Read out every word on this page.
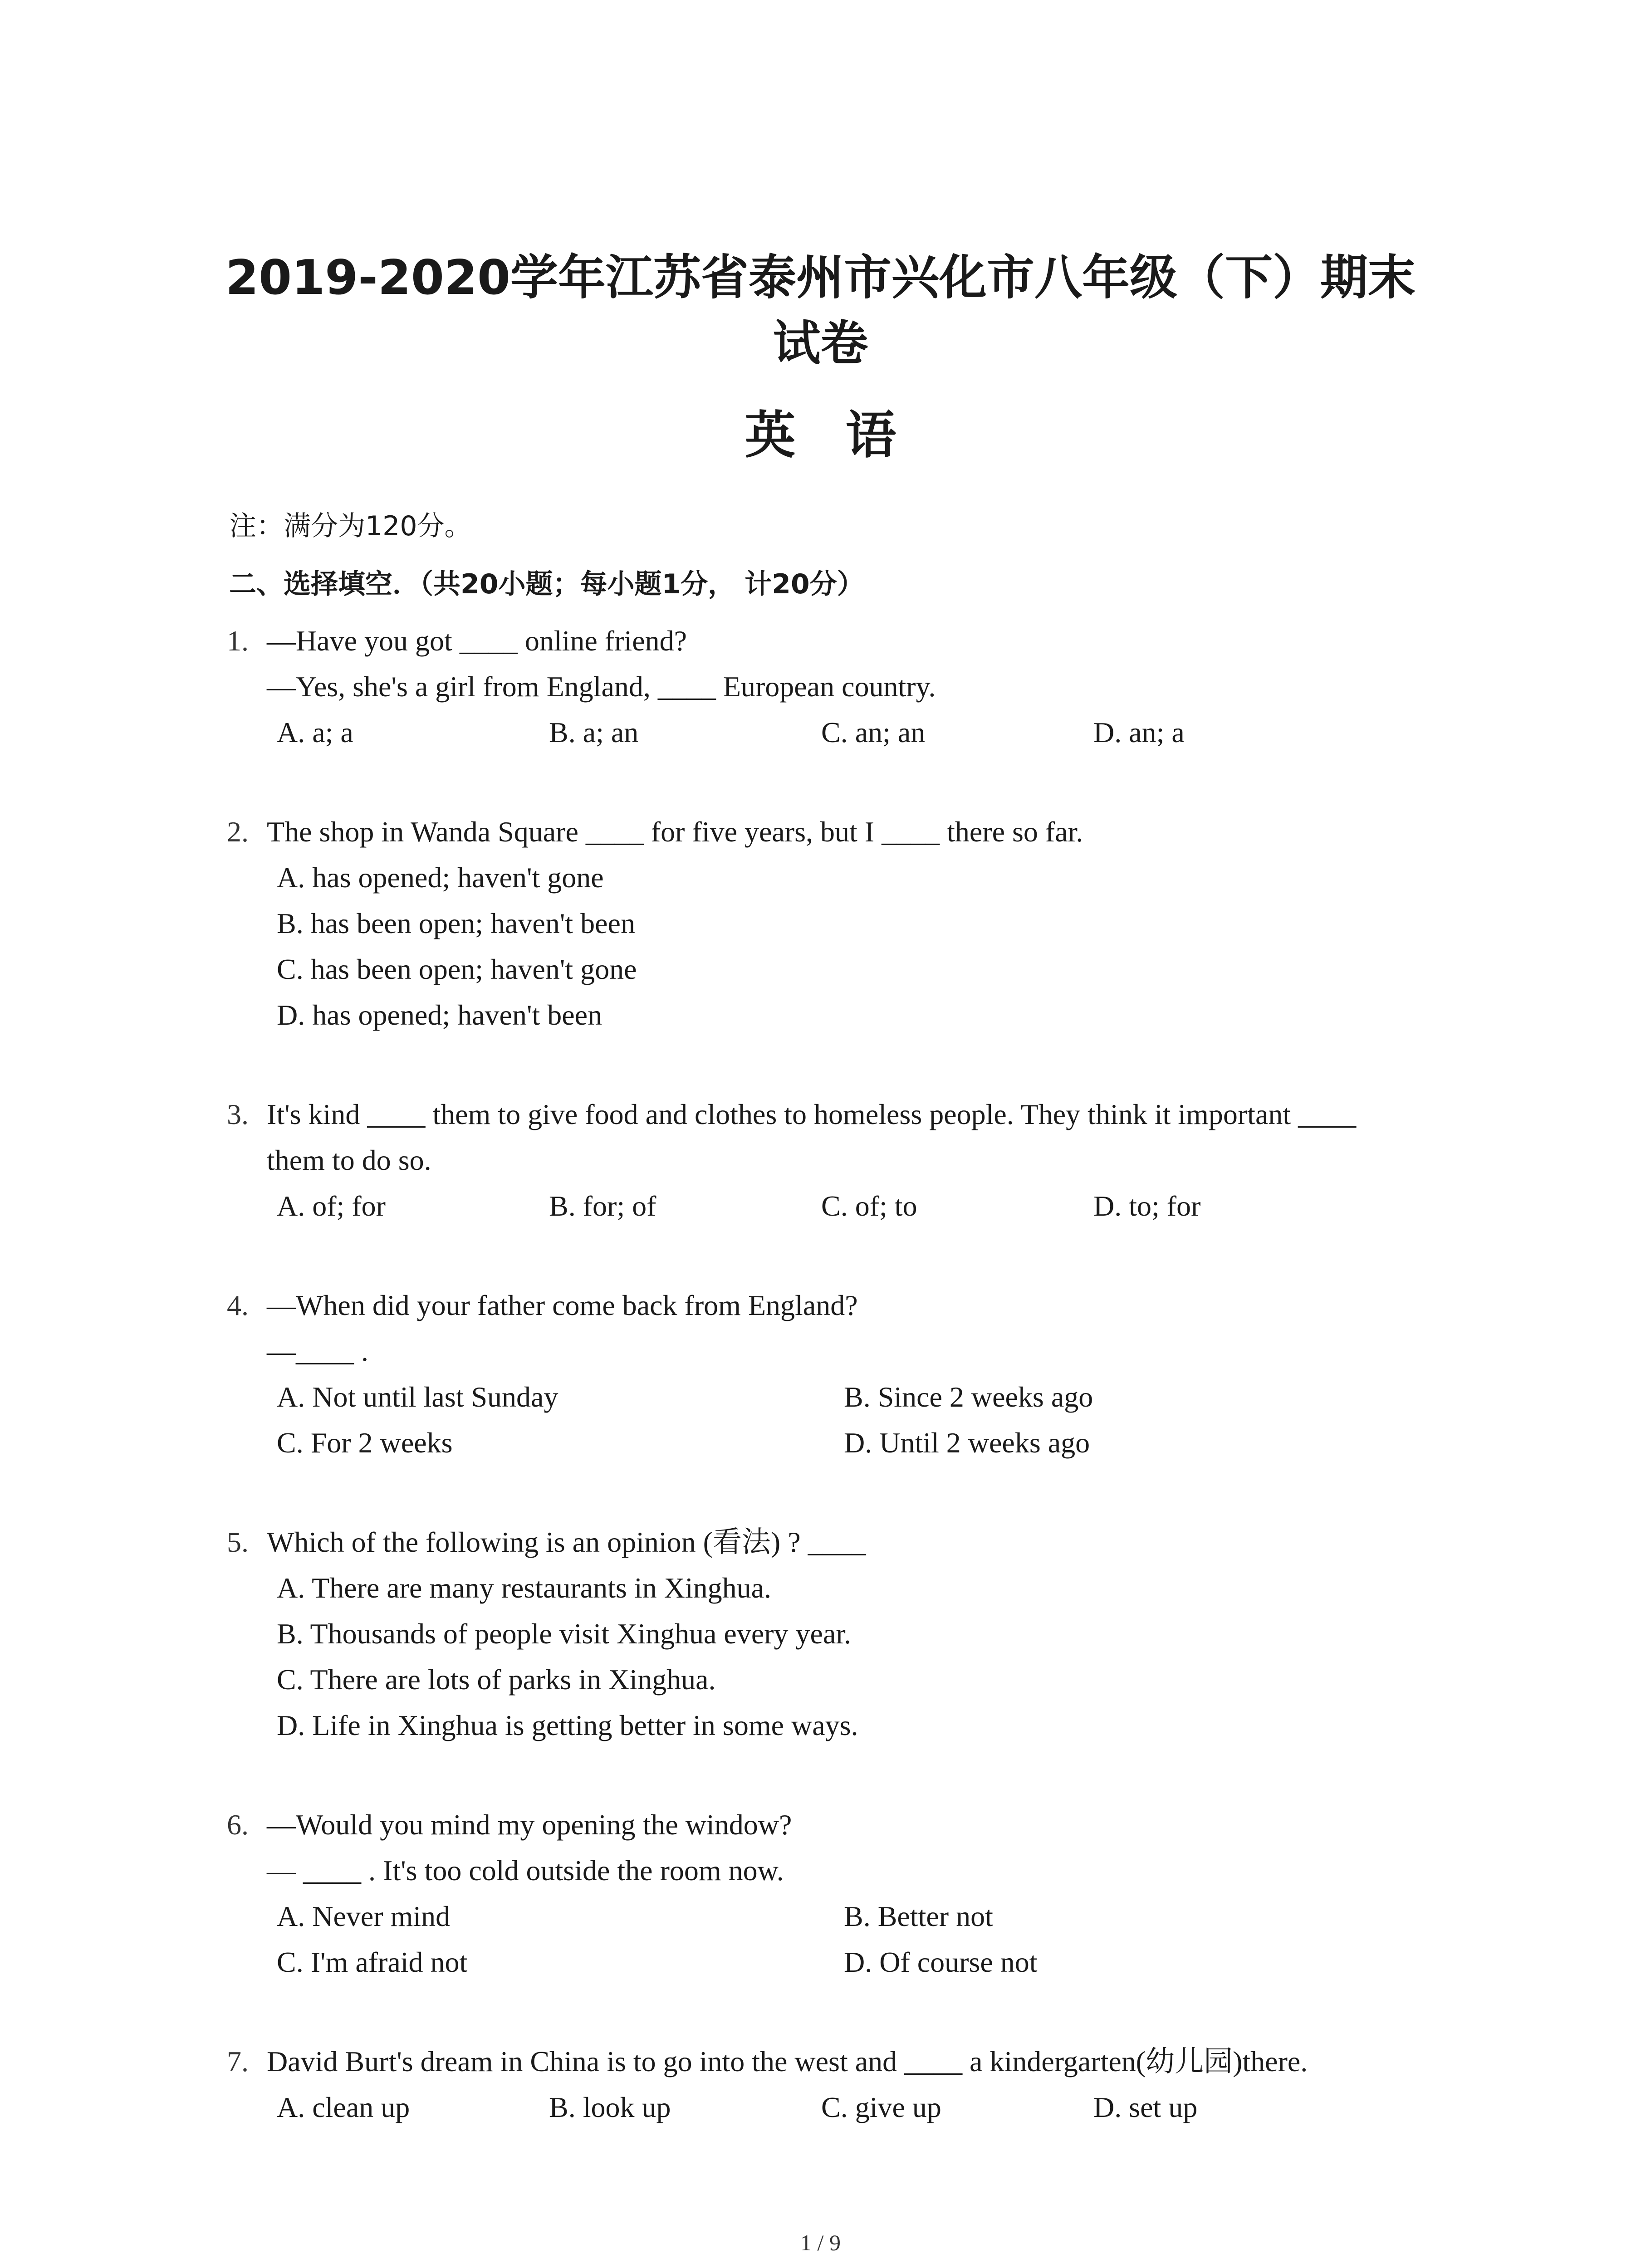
2019-2020学年江苏省泰州市兴化市八年级（下）期末
试卷
英语
注：满分为120分。
二、选择填空．（共20小题；每小题1分， 计20分）
1. —Have you got ____ online friend?
—Yes, she's a girl from England, ____ European country.
A. a; a	B. a; an	C. an; an	D. an; a
2. The shop in Wanda Square ____ for five years, but I ____ there so far.
A. has opened; haven't gone
B. has been open; haven't been
C. has been open; haven't gone
D. has opened; haven't been
3. It's kind ____ them to give food and clothes to homeless people. They think it important ____
them to do so.
A. of; for	B. for; of	C. of; to	D. to; for
4. —When did your father come back from England?
—____ .
A. Not until last Sunday	B. Since 2 weeks ago
C. For 2 weeks	D. Until 2 weeks ago
5. Which of the following is an opinion (看法) ? ____
A. There are many restaurants in Xinghua.
B. Thousands of people visit Xinghua every year.
C. There are lots of parks in Xinghua.
D. Life in Xinghua is getting better in some ways.
6. —Would you mind my opening the window?
— ____ . It's too cold outside the room now.
A. Never mind	B. Better not
C. I'm afraid not	D. Of course not
7. David Burt's dream in China is to go into the west and ____ a kindergarten(幼儿园)there.
A. clean up	B. look up	C. give up	D. set up
1 / 9
